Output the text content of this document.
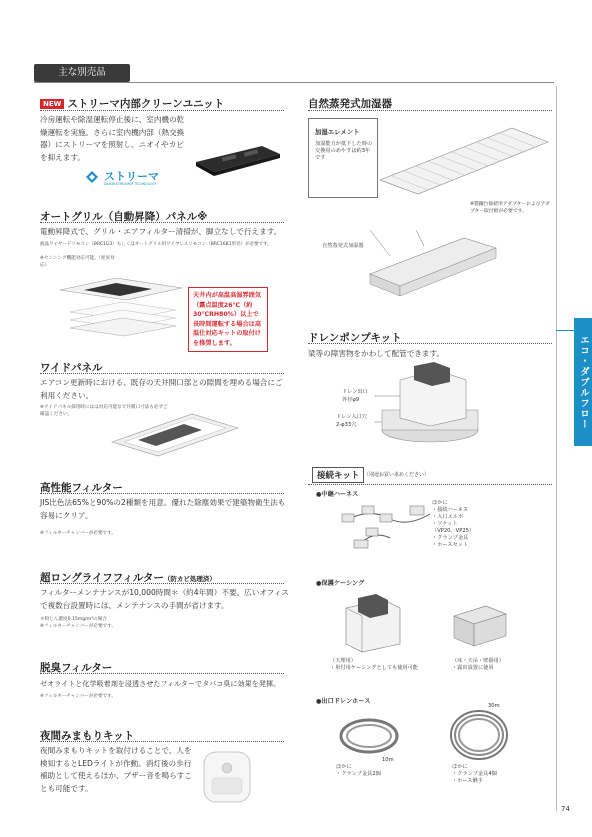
主な別売品
NEW ストリーマ内部クリーンユニット
冷房運転や除湿運転停止後に、室内機の乾燥運転を実施。さらに室内機内部（熱交換器）にストリーマを照射し、ニオイやカビを抑えます。
ストリーマ
DAIKIN STREAMER TECHNOLOGY
オートグリル（自動昇降）パネル※
電動昇降式で、グリル・エアフィルター清掃が、脚立なしで行えます。
液晶ワイヤードリモコン（BRC1G3）もしくはオートグリル用ワイヤレスリモコン（BRC16B1形名）が必要です。
※センシング機能対応可能。（逆昇対応）
天井内が高温高湿雰囲気（露点温度26℃（約30℃RH80%）以上で長時間運転する場合は高温仕対応キットの取付けを推奨します。
ワイドパネル
エアコン更新時における、既存の天井開口部との隙間を埋める場合にご利用ください。
※ワイドパネル採用時にはは対応可能な天井開口寸法も必ずご確認ください。
高性能フィルター
JIS比色法65%と90%の2種類を用意。優れた除塵効果で建築物衛生法も容易にクリア。
※フィルターチャンバーが必要です。
超ロングライフフィルター（防カビ処理済）
フィルターメンテナンスが10,000時間＊（約4年間）不要。広いオフィスで複数台設置時には、メンテナンスの手間が省けます。
＊粉じん濃度0.15mg/m³の場合
※フィルターチャンバーが必要です。
脱臭フィルター
ゼオライトと化学吸着剤を浸透させたフィルターでタバコ臭に効果を発揮。
※フィルターチャンバーが必要です。
夜間みまもりキット
夜間みまもりキットを取付けることで、人を検知するとLEDライトが作動。消灯後の歩行補助として使えるほか、ブザー音を鳴らすことも可能です。
自然蒸発式加湿器
加湿エレメント
加湿能力が低下した時の交換用のめやすは約3年です
※製鐵台接続用アダプターおよびアダプター取付板が必要です。
自然蒸発式加湿器
ドレンポンプキット
梁等の障害物をかわして配管できます。
ドレン出口
外径φ9
ドレン入口穴
2-φ33穴
接続キット （別途お買い求めください）
●中継ハーネス
ほかに
・接続ハーネス
・入口エルボ
・ソケット
（VP20、VP25）
・クランプ金具
・ホースセット
●保護ケーシング
（天埋用）
・単付用ケーシングとしても使用可能
（床・天吊・壁掛用）
・露出設置に使用
●出口ドレンホース
10m
ほかに
・クランプ金具2個
30m
ほかに
・クランプ金具4個
・ホース継手
エコ・ダブルフロー
74
